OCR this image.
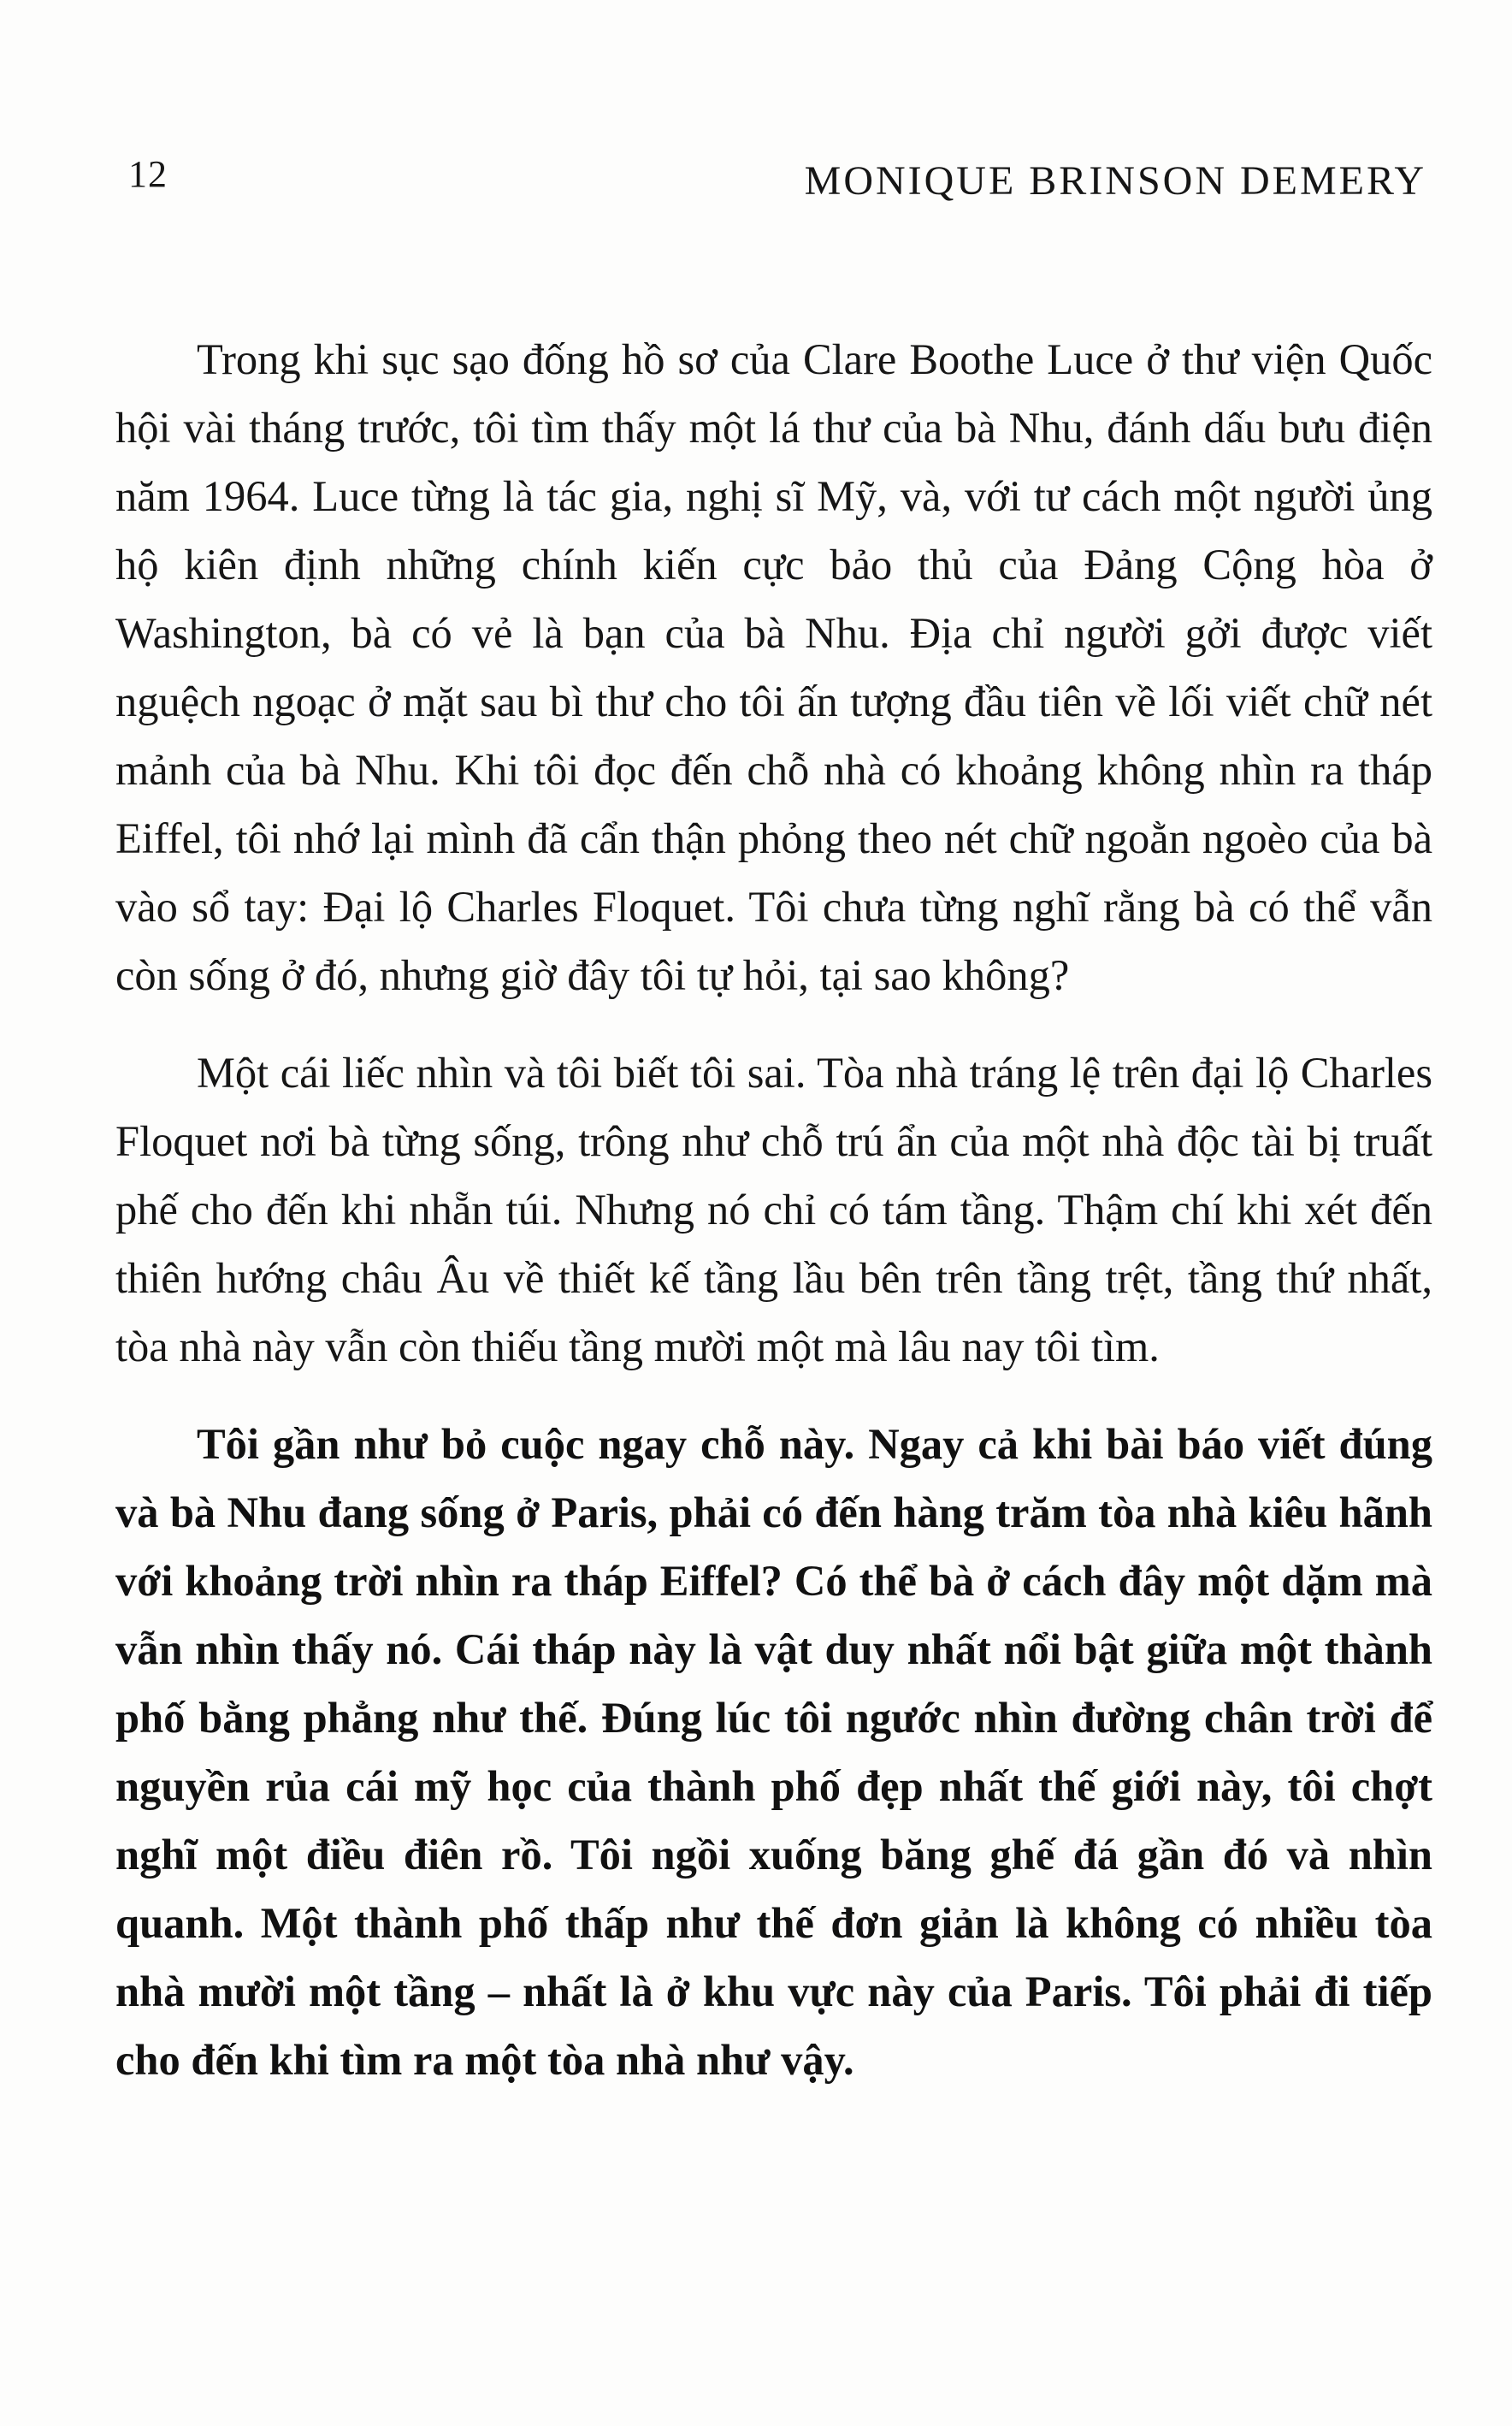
12	MONIQUE BRINSON DEMERY

Trong khi sục sạo đống hồ sơ của Clare Boothe Luce ở thư viện Quốc hội vài tháng trước, tôi tìm thấy một lá thư của bà Nhu, đánh dấu bưu điện năm 1964. Luce từng là tác gia, nghị sĩ Mỹ, và, với tư cách một người ủng hộ kiên định những chính kiến cực bảo thủ của Đảng Cộng hòa ở Washington, bà có vẻ là bạn của bà Nhu. Địa chỉ người gởi được viết nguệch ngoạc ở mặt sau bì thư cho tôi ấn tượng đầu tiên về lối viết chữ nét mảnh của bà Nhu. Khi tôi đọc đến chỗ nhà có khoảng không nhìn ra tháp Eiffel, tôi nhớ lại mình đã cẩn thận phỏng theo nét chữ ngoằn ngoèo của bà vào sổ tay: Đại lộ Charles Floquet. Tôi chưa từng nghĩ rằng bà có thể vẫn còn sống ở đó, nhưng giờ đây tôi tự hỏi, tại sao không?

Một cái liếc nhìn và tôi biết tôi sai. Tòa nhà tráng lệ trên đại lộ Charles Floquet nơi bà từng sống, trông như chỗ trú ẩn của một nhà độc tài bị truất phế cho đến khi nhẵn túi. Nhưng nó chỉ có tám tầng. Thậm chí khi xét đến thiên hướng châu Âu về thiết kế tầng lầu bên trên tầng trệt, tầng thứ nhất, tòa nhà này vẫn còn thiếu tầng mười một mà lâu nay tôi tìm.

Tôi gần như bỏ cuộc ngay chỗ này. Ngay cả khi bài báo viết đúng và bà Nhu đang sống ở Paris, phải có đến hàng trăm tòa nhà kiêu hãnh với khoảng trời nhìn ra tháp Eiffel? Có thể bà ở cách đây một dặm mà vẫn nhìn thấy nó. Cái tháp này là vật duy nhất nổi bật giữa một thành phố bằng phẳng như thế. Đúng lúc tôi ngước nhìn đường chân trời để nguyền rủa cái mỹ học của thành phố đẹp nhất thế giới này, tôi chợt nghĩ một điều điên rồ. Tôi ngồi xuống băng ghế đá gần đó và nhìn quanh. Một thành phố thấp như thế đơn giản là không có nhiều tòa nhà mười một tầng – nhất là ở khu vực này của Paris. Tôi phải đi tiếp cho đến khi tìm ra một tòa nhà như vậy.
